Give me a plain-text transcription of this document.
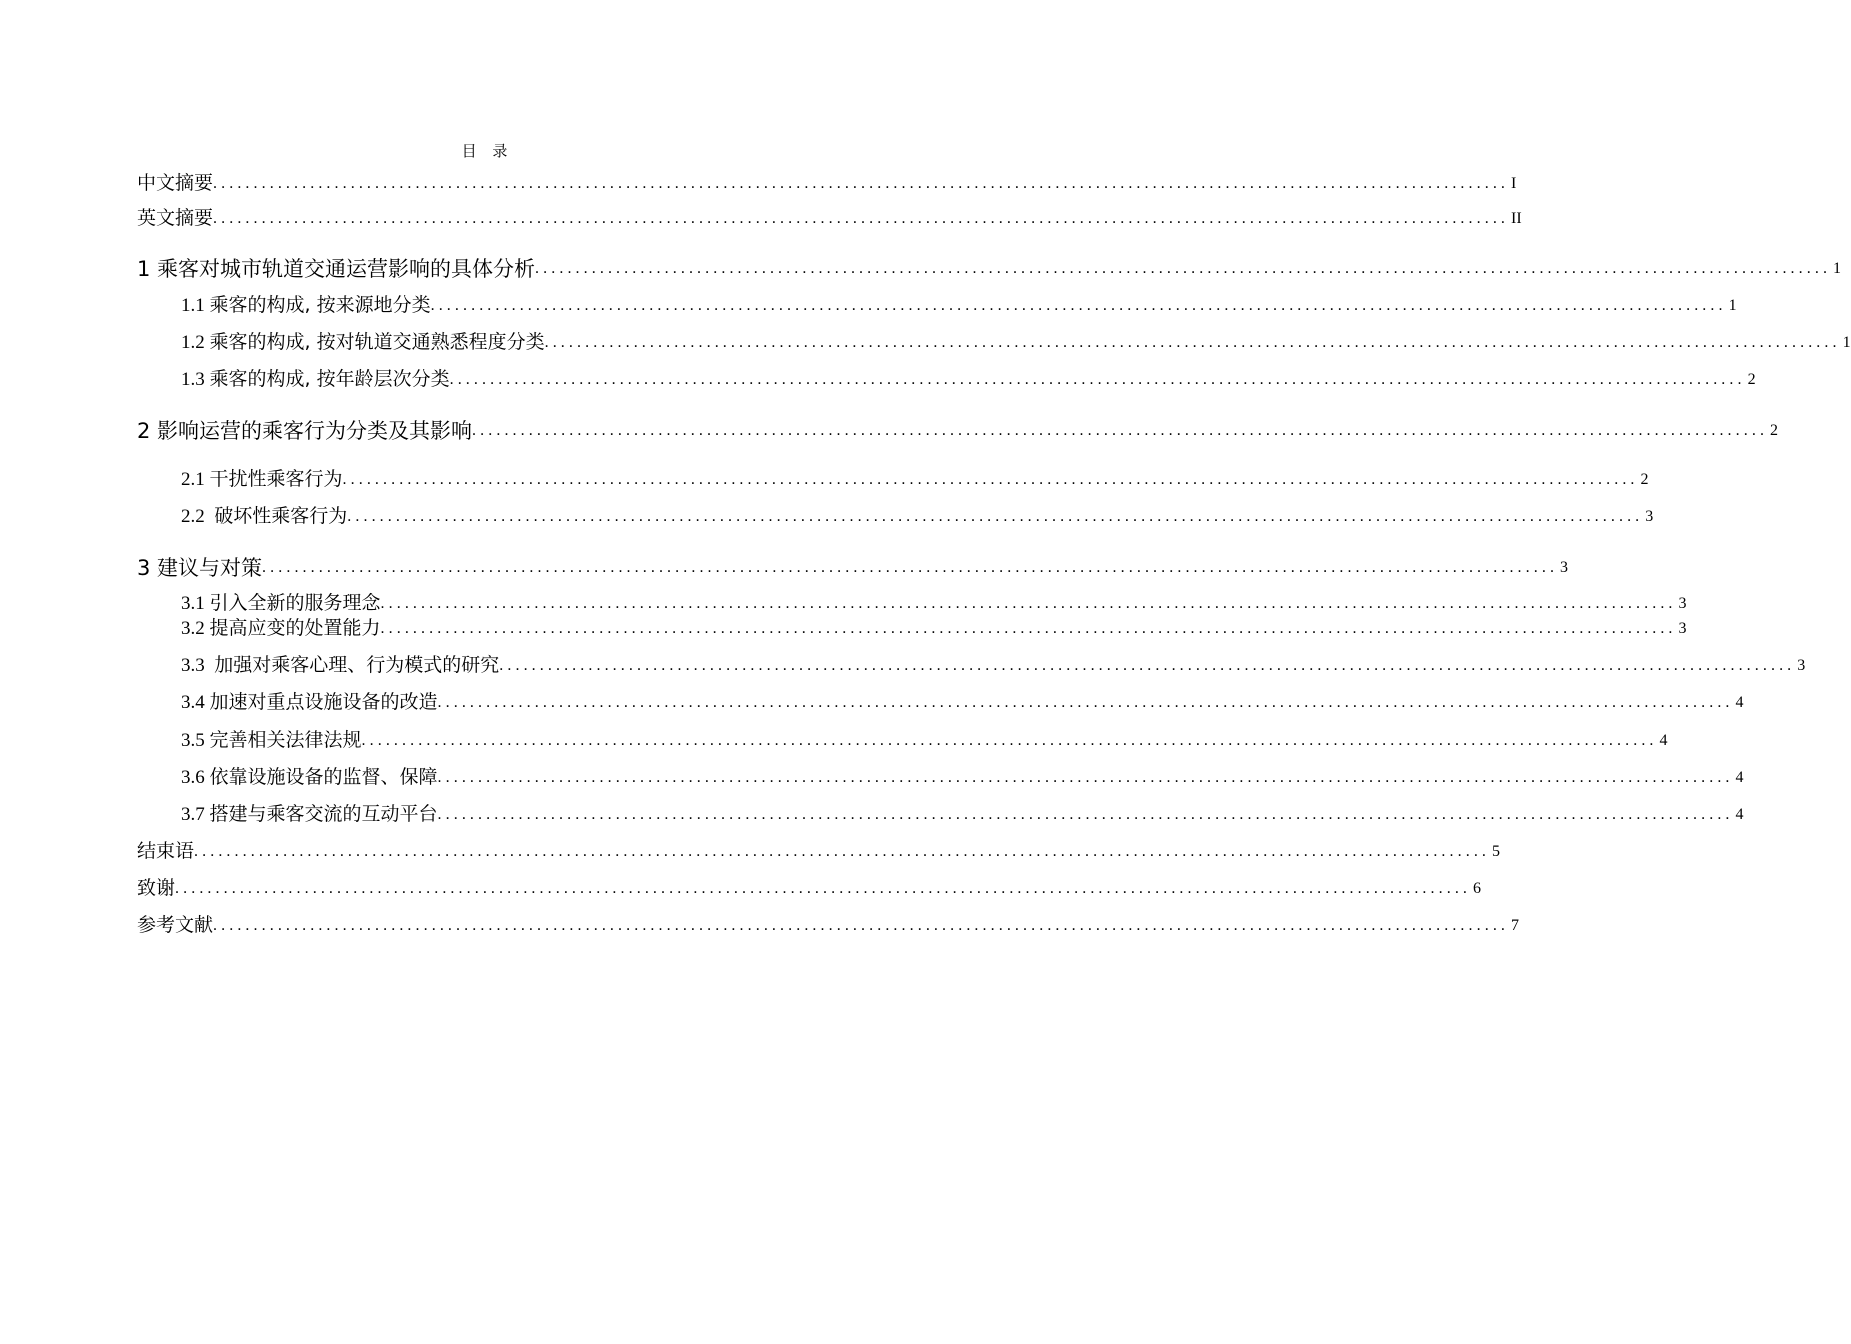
目 录
中文摘要 ................................................................................................................................................................ I
英文摘要 ................................................................................................................................................................ II
1 乘客对城市轨道交通运营影响的具体分析 ................................................................................................................................................................ 1
1.1 乘客的构成, 按来源地分类 ................................................................................................................................................................ 1
1.2 乘客的构成, 按对轨道交通熟悉程度分类 ................................................................................................................................................................ 1
1.3 乘客的构成, 按年龄层次分类 ................................................................................................................................................................ 2
2 影响运营的乘客行为分类及其影响 ................................................................................................................................................................ 2
2.1 干扰性乘客行为 ................................................................................................................................................................ 2
2.2  破坏性乘客行为 ................................................................................................................................................................ 3
3 建议与对策 ................................................................................................................................................................ 3
3.1 引入全新的服务理念 ................................................................................................................................................................ 3
3.2 提高应变的处置能力 ................................................................................................................................................................ 3
3.3  加强对乘客心理、行为模式的研究 ................................................................................................................................................................ 3
3.4 加速对重点设施设备的改造 ................................................................................................................................................................ 4
3.5 完善相关法律法规 ................................................................................................................................................................ 4
3.6 依靠设施设备的监督、保障 ................................................................................................................................................................ 4
3.7 搭建与乘客交流的互动平台 ................................................................................................................................................................ 4
结束语 ................................................................................................................................................................ 5
致谢 ................................................................................................................................................................ 6
参考文献 ................................................................................................................................................................ 7
